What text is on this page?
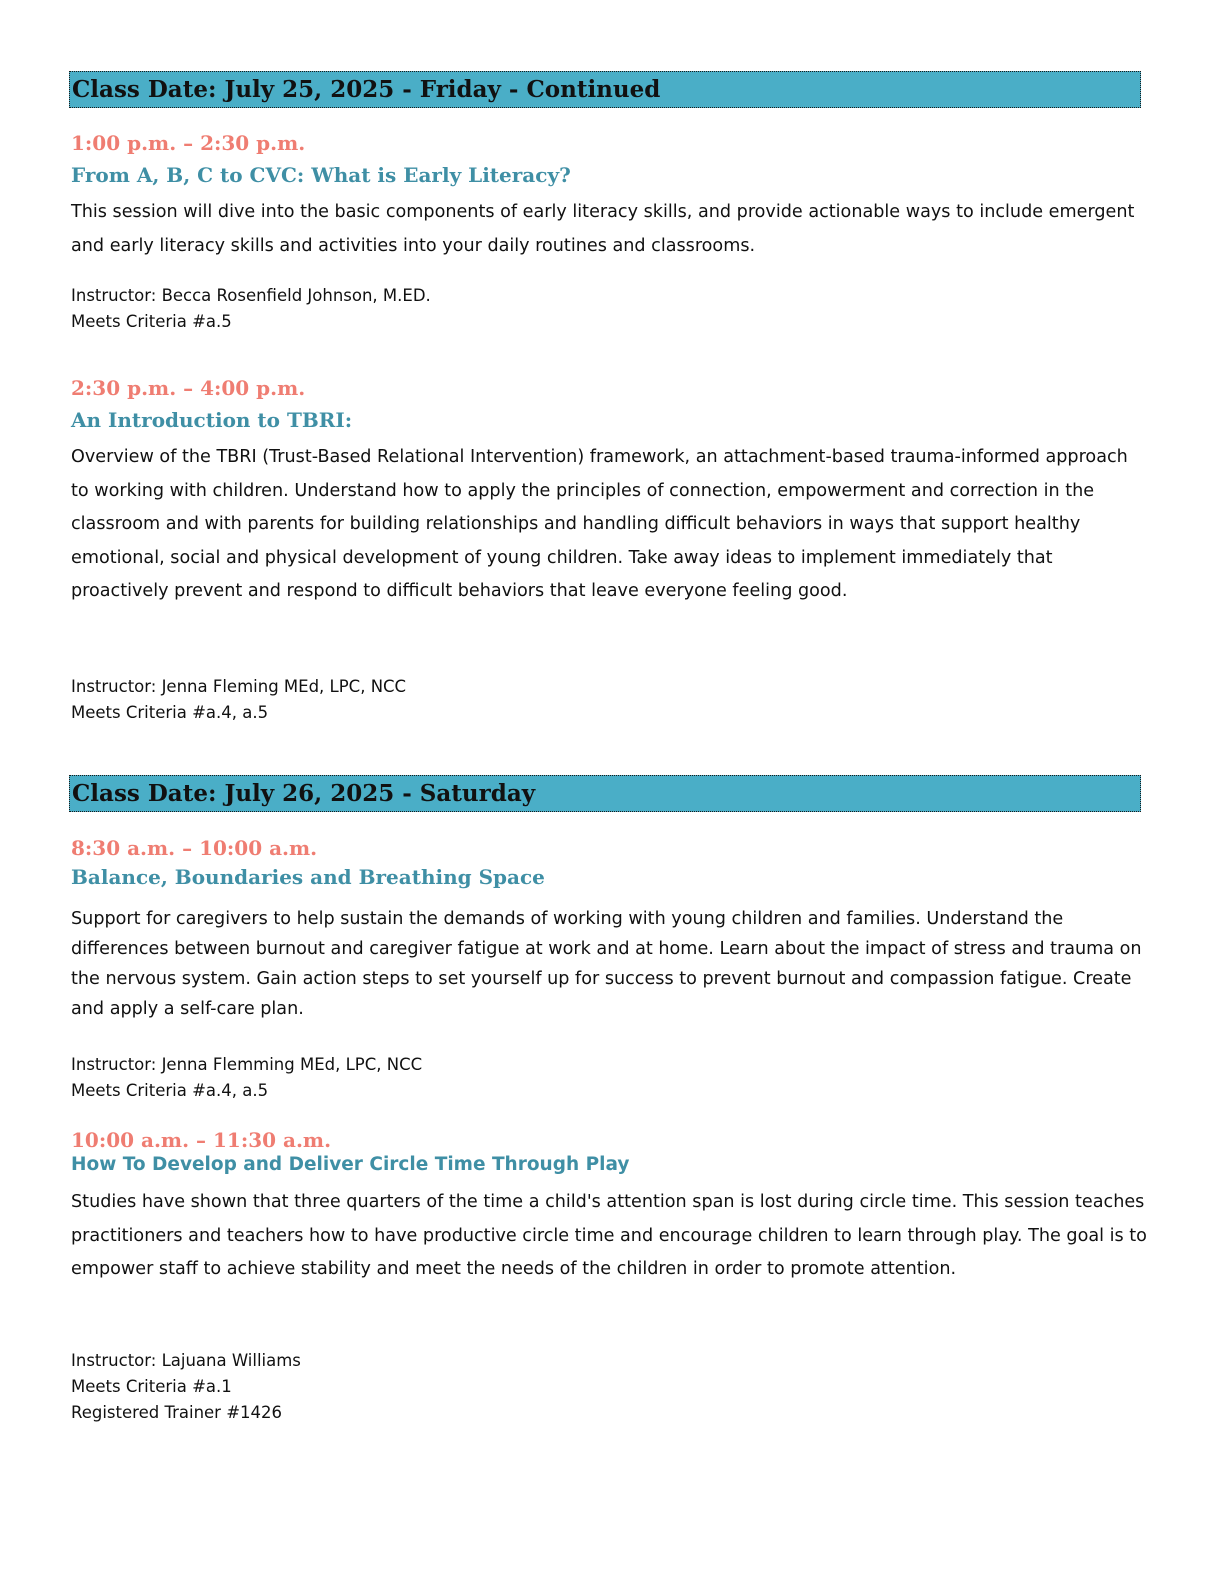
Class Date: July 25, 2025 - Friday - Continued
1:00 p.m. – 2:30 p.m.
From A, B, C to CVC: What is Early Literacy?

This session will dive into the basic components of early literacy skills, and provide actionable ways to include emergent and early literacy skills and activities into your daily routines and classrooms.

Instructor: Becca Rosenfield Johnson, M.ED.
Meets Criteria #a.5
2:30 p.m. – 4:00 p.m.
An Introduction to TBRI:

Overview of the TBRI (Trust-Based Relational Intervention) framework, an attachment-based trauma-informed approach to working with children. Understand how to apply the principles of connection, empowerment and correction in the classroom and with parents for building relationships and handling difficult behaviors in ways that support healthy emotional, social and physical development of young children. Take away ideas to implement immediately that proactively prevent and respond to difficult behaviors that leave everyone feeling good.

Instructor: Jenna Fleming MEd, LPC, NCC
Meets Criteria #a.4, a.5
Class Date: July 26, 2025 - Saturday
8:30 a.m. – 10:00 a.m.
Balance, Boundaries and Breathing Space

Support for caregivers to help sustain the demands of working with young children and families. Understand the differences between burnout and caregiver fatigue at work and at home. Learn about the impact of stress and trauma on the nervous system. Gain action steps to set yourself up for success to prevent burnout and compassion fatigue. Create and apply a self-care plan.

Instructor: Jenna Flemming MEd, LPC, NCC
Meets Criteria #a.4, a.5
10:00 a.m. – 11:30 a.m.
How To Develop and Deliver Circle Time Through Play

Studies have shown that three quarters of the time a child's attention span is lost during circle time. This session teaches practitioners and teachers how to have productive circle time and encourage children to learn through play. The goal is to empower staff to achieve stability and meet the needs of the children in order to promote attention.

Instructor: Lajuana Williams
Meets Criteria #a.1
Registered Trainer #1426
